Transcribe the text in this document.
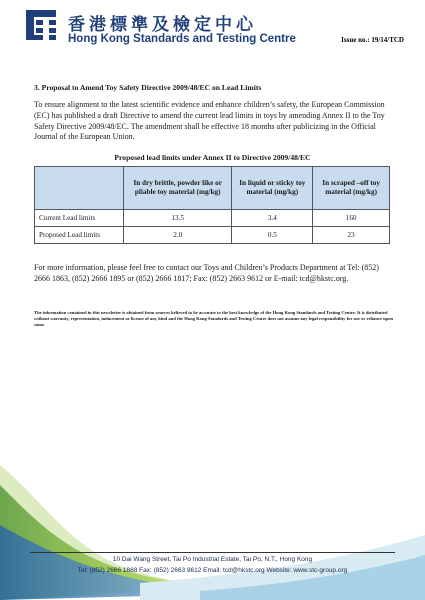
香港標準及檢定中心
Hong Kong Standards and Testing Centre	Issue no.: 19/14/TCD
3. Proposal to Amend Toy Safety Directive 2009/48/EC on Lead Limits
To ensure alignment to the latest scientific evidence and enhance children’s safety, the European Commission (EC) has published a draft Directive to amend the current lead limits in toys by amending Annex II to the Toy Safety Directive 2009/48/EC. The amendment shall be effective 18 months after publicizing in the Official Journal of the European Union.
Proposed lead limits under Annex II to Directive 2009/48/EC
	In dry brittle, powder like or pliable toy material (mg/kg)	In liquid or sticky toy material (mg/kg)	In scraped –off toy material (mg/kg)
Current Lead limits	13.5	3.4	160
Proposed Lead limits	2.0	0.5	23
For more information, please feel free to contact our Toys and Children’s Products Department at Tel: (852) 2666 1863, (852) 2666 1895 or (852) 2666 1817; Fax: (852) 2663 9612 or E-mail: tcd@hkstc.org.
The information contained in this newsletter is obtained from sources believed to be accurate to the best knowledge of the Hong Kong Standards and Testing Centre. It is distributed without warranty, representation, inducement or license of any kind and the Hong Kong Standards and Testing Centre does not assume any legal responsibility for use or reliance upon same.
10 Dai Wang Street, Tai Po Industrial Estate, Tai Po, N.T., Hong Kong
Tel: (852) 2666 1888 Fax: (852) 2663 9612 Email: tcd@hkstc.org Website: www.stc-group.org
